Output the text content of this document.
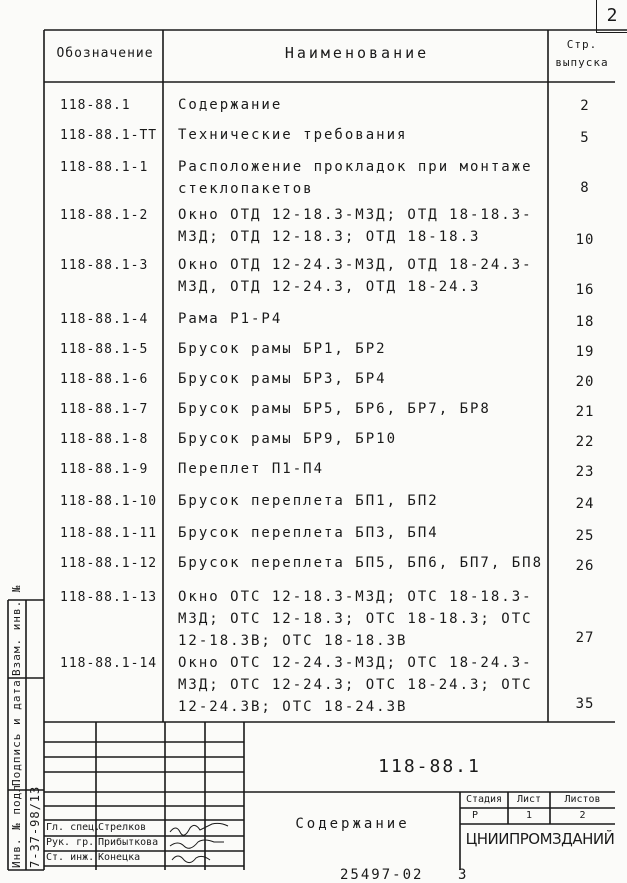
2
Обозначение	Наименование	Стр. выпуска
118-88.1	Содержание	2
118-88.1-ТТ	Технические требования	5
118-88.1-1	Расположение прокладок при монтаже стеклопакетов	8
118-88.1-2	Окно ОТД 12-18.3-М3Д; ОТД 18-18.3-М3Д; ОТД 12-18.3; ОТД 18-18.3	10
118-88.1-3	Окно ОТД 12-24.3-М3Д, ОТД 18-24.3-М3Д, ОТД 12-24.3, ОТД 18-24.3	16
118-88.1-4	Рама Р1-Р4	18
118-88.1-5	Брусок рамы БР1, БР2	19
118-88.1-6	Брусок рамы БР3, БР4	20
118-88.1-7	Брусок рамы БР5, БР6, БР7, БР8	21
118-88.1-8	Брусок рамы БР9, БР10	22
118-88.1-9	Переплет П1-П4	23
118-88.1-10	Брусок переплета БП1, БП2	24
118-88.1-11	Брусок переплета БП3, БП4	25
118-88.1-12	Брусок переплета БП5, БП6, БП7, БП8	26
118-88.1-13	Окно ОТС 12-18.3-М3Д; ОТС 18-18.3-М3Д; ОТС 12-18.3; ОТС 18-18.3; ОТС 12-18.3В; ОТС 18-18.3В	27
118-88.1-14	Окно ОТС 12-24.3-М3Д; ОТС 18-24.3-М3Д; ОТС 12-24.3; ОТС 18-24.3; ОТС 12-24.3В; ОТС 18-24.3В	35
118-88.1
Содержание
Стадия	Лист	Листов
Р	1	2
ЦНИИПРОМЗДАНИЙ
Гл. спец.
Стрелков
Рук. гр. Прибыткова
Ст. инж. Конецка
Инв. № подл.
Подпись и дата
Взам. инв. №
7-37-98/13
25497-02 3
